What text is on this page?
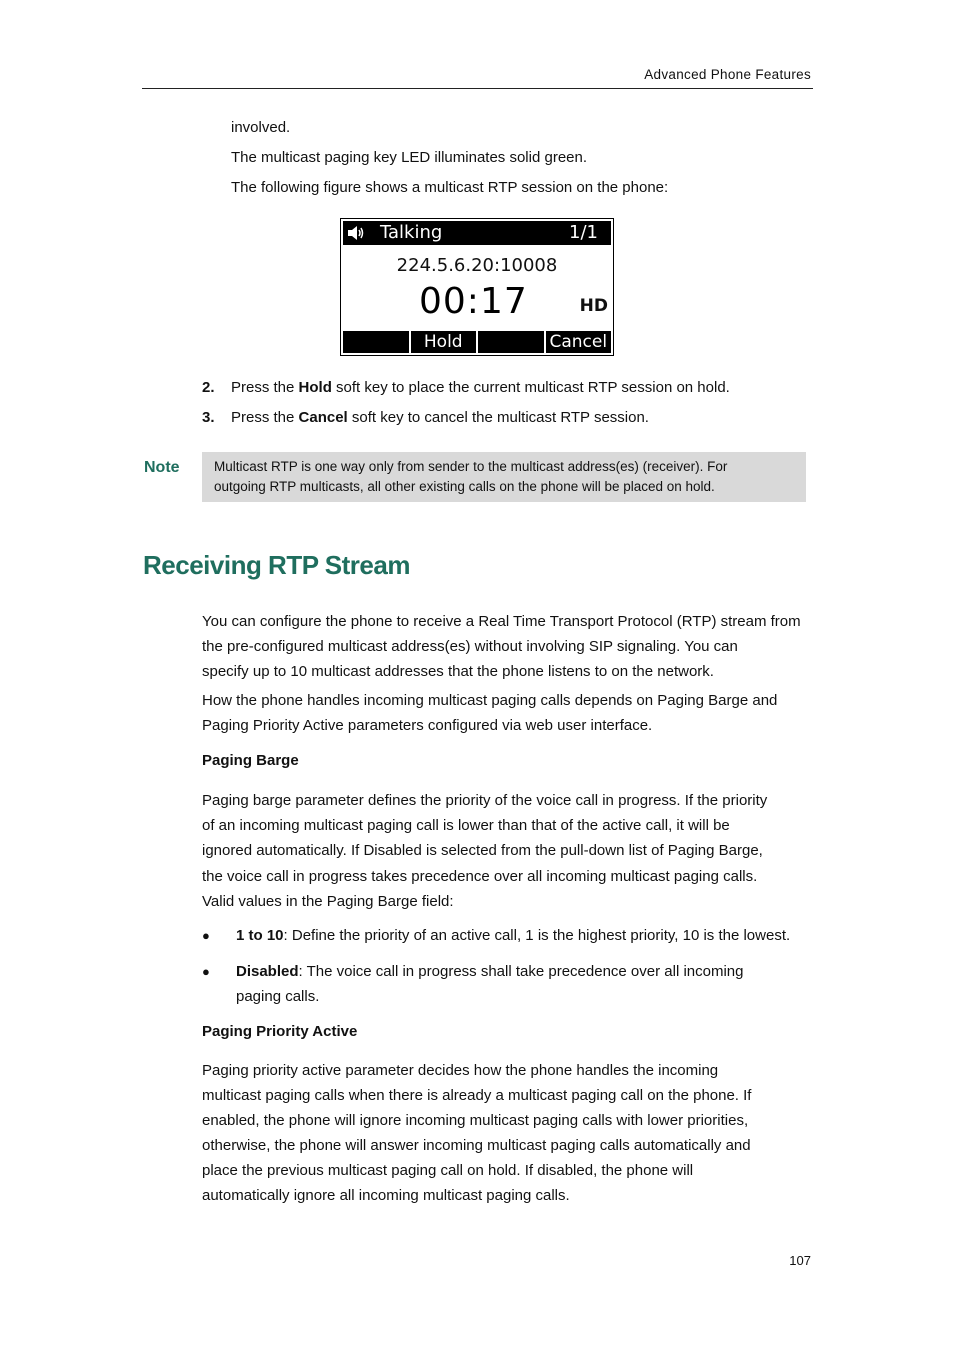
Advanced Phone Features
involved.
The multicast paging key LED illuminates solid green.
The following figure shows a multicast RTP session on the phone:
Talking	1/1
224.5.6.20:10008
00:17	HD
Hold	Cancel
2. Press the Hold soft key to place the current multicast RTP session on hold.
3. Press the Cancel soft key to cancel the multicast RTP session.
Note	Multicast RTP is one way only from sender to the multicast address(es) (receiver). For
outgoing RTP multicasts, all other existing calls on the phone will be placed on hold.
Receiving RTP Stream
You can configure the phone to receive a Real Time Transport Protocol (RTP) stream from
the pre-configured multicast address(es) without involving SIP signaling. You can
specify up to 10 multicast addresses that the phone listens to on the network.
How the phone handles incoming multicast paging calls depends on Paging Barge and
Paging Priority Active parameters configured via web user interface.
Paging Barge
Paging barge parameter defines the priority of the voice call in progress. If the priority
of an incoming multicast paging call is lower than that of the active call, it will be
ignored automatically. If Disabled is selected from the pull-down list of Paging Barge,
the voice call in progress takes precedence over all incoming multicast paging calls.
Valid values in the Paging Barge field:
● 1 to 10: Define the priority of an active call, 1 is the highest priority, 10 is the lowest.
● Disabled: The voice call in progress shall take precedence over all incoming
paging calls.
Paging Priority Active
Paging priority active parameter decides how the phone handles the incoming
multicast paging calls when there is already a multicast paging call on the phone. If
enabled, the phone will ignore incoming multicast paging calls with lower priorities,
otherwise, the phone will answer incoming multicast paging calls automatically and
place the previous multicast paging call on hold. If disabled, the phone will
automatically ignore all incoming multicast paging calls.
107
